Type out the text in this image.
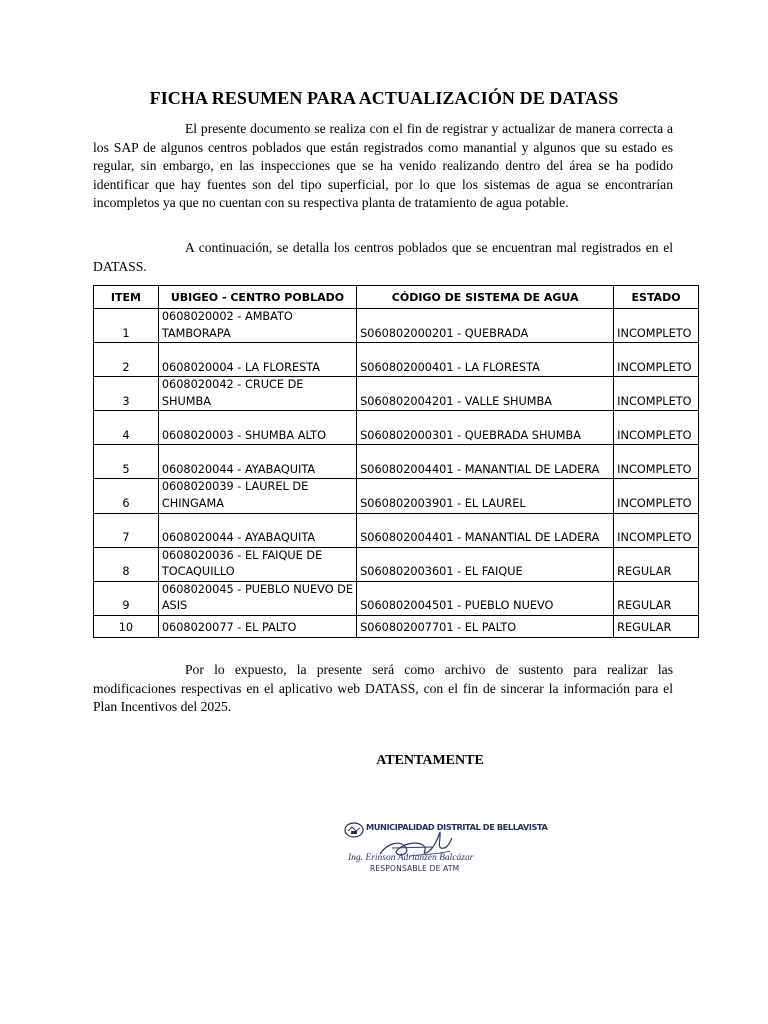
FICHA RESUMEN PARA ACTUALIZACIÓN DE DATASS
El presente documento se realiza con el fin de registrar y actualizar de manera correcta a los SAP de algunos centros poblados que están registrados como manantial y algunos que su estado es regular, sin embargo, en las inspecciones que se ha venido realizando dentro del área se ha podido identificar que hay fuentes son del tipo superficial, por lo que los sistemas de agua se encontrarían incompletos ya que no cuentan con su respectiva planta de tratamiento de agua potable.
A continuación, se detalla los centros poblados que se encuentran mal registrados en el DATASS.
ITEM	UBIGEO - CENTRO POBLADO	CÓDIGO DE SISTEMA DE AGUA	ESTADO
1	0608020002 - AMBATO TAMBORAPA	S060802000201 - QUEBRADA	INCOMPLETO
2	0608020004 - LA FLORESTA	S060802000401 - LA FLORESTA	INCOMPLETO
3	0608020042 - CRUCE DE SHUMBA	S060802004201 - VALLE SHUMBA	INCOMPLETO
4	0608020003 - SHUMBA ALTO	S060802000301 - QUEBRADA SHUMBA	INCOMPLETO
5	0608020044 - AYABAQUITA	S060802004401 - MANANTIAL DE LADERA	INCOMPLETO
6	0608020039 - LAUREL DE CHINGAMA	S060802003901 - EL LAUREL	INCOMPLETO
7	0608020044 - AYABAQUITA	S060802004401 - MANANTIAL DE LADERA	INCOMPLETO
8	0608020036 - EL FAIQUE DE TOCAQUILLO	S060802003601 - EL FAIQUE	REGULAR
9	0608020045 - PUEBLO NUEVO DE ASIS	S060802004501 - PUEBLO NUEVO	REGULAR
10	0608020077 - EL PALTO	S060802007701 - EL PALTO	REGULAR
Por lo expuesto, la presente será como archivo de sustento para realizar las modificaciones respectivas en el aplicativo web DATASS, con el fin de sincerar la información para el Plan Incentivos del 2025.
ATENTAMENTE
MUNICIPALIDAD DISTRITAL DE BELLAVISTA
Ing. Erinson Adrianzén Balcázar
RESPONSABLE DE ATM
